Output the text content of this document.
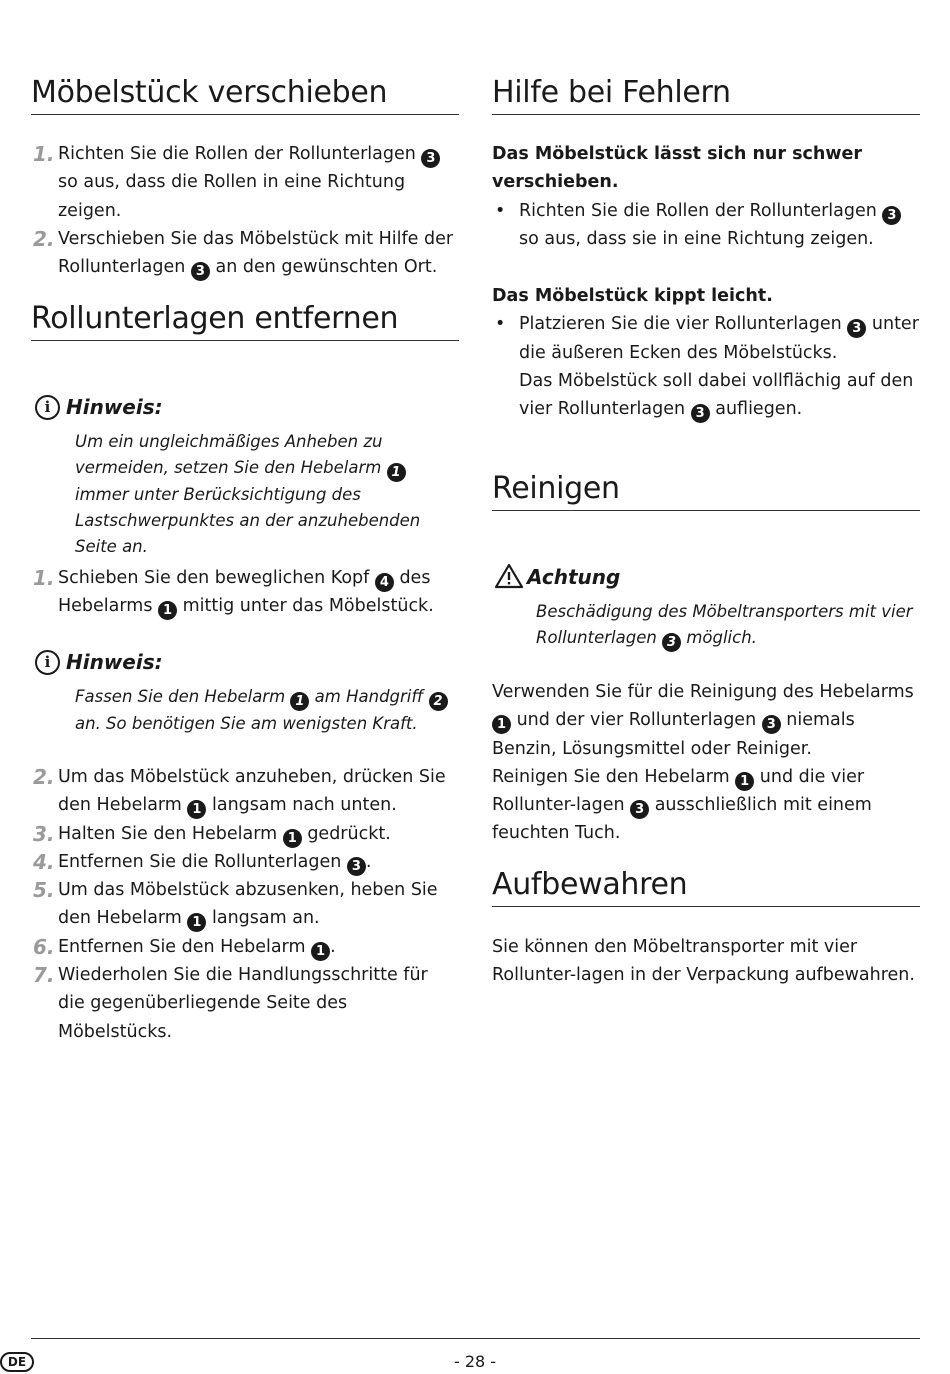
Möbelstück verschieben
1. Richten Sie die Rollen der Rollunterlagen 3 so aus, dass die Rollen in eine Richtung zeigen.
2. Verschieben Sie das Möbelstück mit Hilfe der Rollunterlagen 3 an den gewünschten Ort.
Rollunterlagen entfernen
i Hinweis:

Um ein ungleichmäßiges Anheben zu vermeiden, setzen Sie den Hebelarm 1 immer unter Berücksichtigung des Lastschwerpunktes an der anzuhebenden Seite an.

1. Schieben Sie den beweglichen Kopf 4 des Hebelarms 1 mittig unter das Möbelstück.
i Hinweis:

Fassen Sie den Hebelarm 1 am Handgriff 2 an. So benötigen Sie am wenigsten Kraft.

2. Um das Möbelstück anzuheben, drücken Sie den Hebelarm 1 langsam nach unten.
3. Halten Sie den Hebelarm 1 gedrückt.
4. Entfernen Sie die Rollunterlagen 3 .
5. Um das Möbelstück abzusenken, heben Sie den Hebelarm 1 langsam an.
6. Entfernen Sie den Hebelarm 1 .
7. Wiederholen Sie die Handlungsschritte für die gegenüberliegende Seite des Möbelstücks.
Hilfe bei Fehlern

Das Möbelstück lässt sich nur schwer verschieben.

• Richten Sie die Rollen der Rollunterlagen 3 so aus, dass sie in eine Richtung zeigen.

Das Möbelstück kippt leicht.

• Platzieren Sie die vier Rollunterlagen 3 unter die äußeren Ecken des Möbelstücks.
Das Möbelstück soll dabei vollflächig auf den vier Rollunterlagen 3 aufliegen.
Reinigen
Achtung

Beschädigung des Möbeltransporters mit vier Rollunterlagen 3 möglich.

Verwenden Sie für die Reinigung des Hebelarms 1 und der vier Rollunterlagen 3 niemals Benzin, Lösungsmittel oder Reiniger.

Reinigen Sie den Hebelarm 1 und die vier Rollunter-lagen 3 ausschließlich mit einem feuchten Tuch.

Aufbewahren

Sie können den Möbeltransporter mit vier Rollunter-lagen in der Verpackung aufbewahren.

DE	- 28 -
